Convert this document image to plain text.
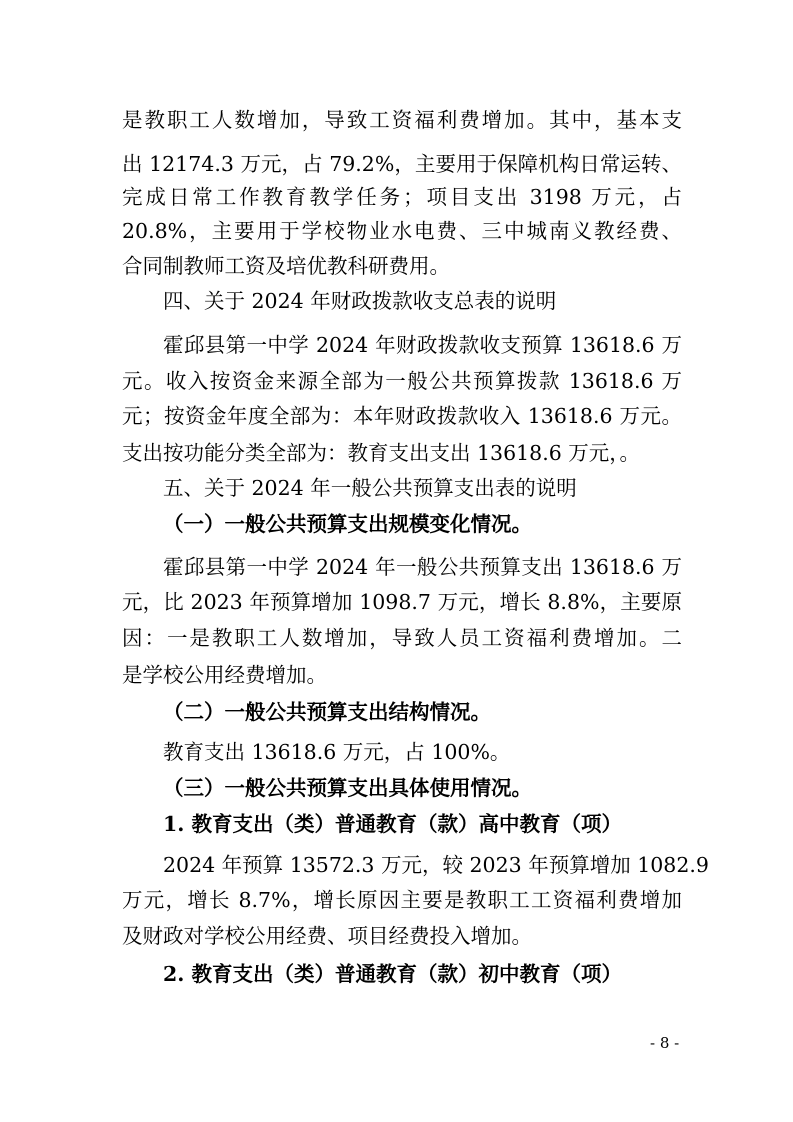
是教职工人数增加，导致工资福利费增加。其中，基本支
出 12174.3 万元，占 79.2%，主要用于保障机构日常运转、
完成日常工作教育教学任务；项目支出 3198 万元，占
20.8%，主要用于学校物业水电费、三中城南义教经费、
合同制教师工资及培优教科研费用。
四、关于 2024 年财政拨款收支总表的说明
霍邱县第一中学 2024 年财政拨款收支预算 13618.6 万
元。收入按资金来源全部为一般公共预算拨款 13618.6 万
元；按资金年度全部为：本年财政拨款收入 13618.6 万元。
支出按功能分类全部为：教育支出支出 13618.6 万元，。
五、关于 2024 年一般公共预算支出表的说明
（一）一般公共预算支出规模变化情况。
霍邱县第一中学 2024 年一般公共预算支出 13618.6 万
元，比 2023 年预算增加 1098.7 万元，增长 8.8%，主要原
因：一是教职工人数增加，导致人员工资福利费增加。二
是学校公用经费增加。
（二）一般公共预算支出结构情况。
教育支出 13618.6 万元，占 100%。
（三）一般公共预算支出具体使用情况。
1. 教育支出（类）普通教育（款）高中教育（项）
2024 年预算 13572.3 万元，较 2023 年预算增加 1082.9
万元，增长 8.7%，增长原因主要是教职工工资福利费增加
及财政对学校公用经费、项目经费投入增加。
2. 教育支出（类）普通教育（款）初中教育（项）
- 8 -
